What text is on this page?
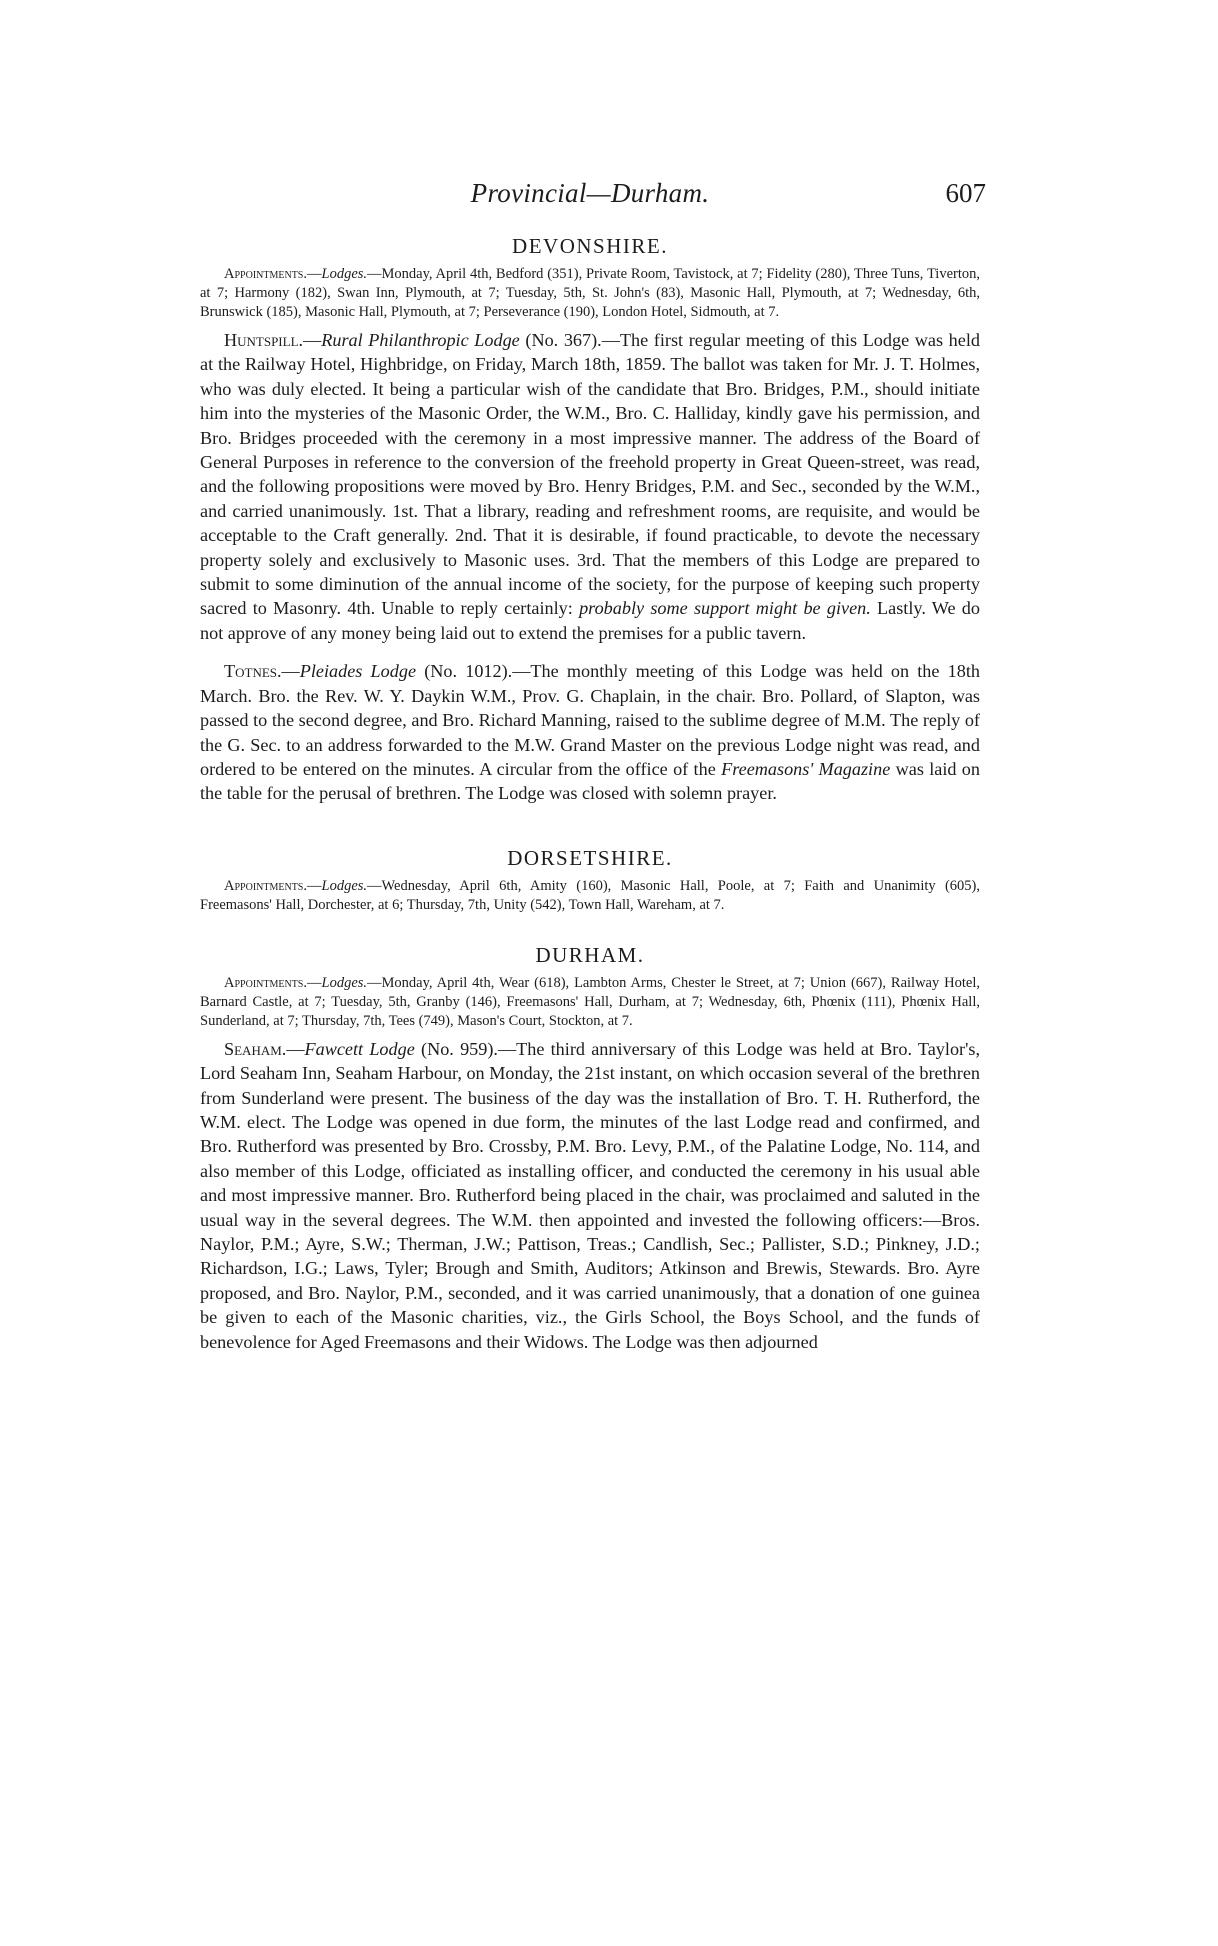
Provincial—Durham.	607
DEVONSHIRE.

Appointments.—Lodges.—Monday, April 4th, Bedford (351), Private Room, Tavistock, at 7; Fidelity (280), Three Tuns, Tiverton, at 7; Harmony (182), Swan Inn, Plymouth, at 7; Tuesday, 5th, St. John's (83), Masonic Hall, Plymouth, at 7; Wednesday, 6th, Brunswick (185), Masonic Hall, Plymouth, at 7; Perseverance (190), London Hotel, Sidmouth, at 7.

Huntspill.—Rural Philanthropic Lodge (No. 367).—The first regular meeting of this Lodge was held at the Railway Hotel, Highbridge, on Friday, March 18th, 1859. The ballot was taken for Mr. J. T. Holmes, who was duly elected. It being a particular wish of the candidate that Bro. Bridges, P.M., should initiate him into the mysteries of the Masonic Order, the W.M., Bro. C. Halliday, kindly gave his permission, and Bro. Bridges proceeded with the ceremony in a most impressive manner. The address of the Board of General Purposes in reference to the conversion of the freehold property in Great Queen-street, was read, and the following propositions were moved by Bro. Henry Bridges, P.M. and Sec., seconded by the W.M., and carried unanimously. 1st. That a library, reading and refreshment rooms, are requisite, and would be acceptable to the Craft generally. 2nd. That it is desirable, if found practicable, to devote the necessary property solely and exclusively to Masonic uses. 3rd. That the members of this Lodge are prepared to submit to some diminution of the annual income of the society, for the purpose of keeping such property sacred to Masonry. 4th. Unable to reply certainly: probably some support might be given. Lastly. We do not approve of any money being laid out to extend the premises for a public tavern.

Totnes.—Pleiades Lodge (No. 1012).—The monthly meeting of this Lodge was held on the 18th March. Bro. the Rev. W. Y. Daykin W.M., Prov. G. Chaplain, in the chair. Bro. Pollard, of Slapton, was passed to the second degree, and Bro. Richard Manning, raised to the sublime degree of M.M. The reply of the G. Sec. to an address forwarded to the M.W. Grand Master on the previous Lodge night was read, and ordered to be entered on the minutes. A circular from the office of the Freemasons' Magazine was laid on the table for the perusal of brethren. The Lodge was closed with solemn prayer.

DORSETSHIRE.

Appointments.—Lodges.—Wednesday, April 6th, Amity (160), Masonic Hall, Poole, at 7; Faith and Unanimity (605), Freemasons' Hall, Dorchester, at 6; Thursday, 7th, Unity (542), Town Hall, Wareham, at 7.

DURHAM.

Appointments.—Lodges.—Monday, April 4th, Wear (618), Lambton Arms, Chester le Street, at 7; Union (667), Railway Hotel, Barnard Castle, at 7; Tuesday, 5th, Granby (146), Freemasons' Hall, Durham, at 7; Wednesday, 6th, Phœnix (111), Phœnix Hall, Sunderland, at 7; Thursday, 7th, Tees (749), Mason's Court, Stockton, at 7.

Seaham.—Fawcett Lodge (No. 959).—The third anniversary of this Lodge was held at Bro. Taylor's, Lord Seaham Inn, Seaham Harbour, on Monday, the 21st instant, on which occasion several of the brethren from Sunderland were present. The business of the day was the installation of Bro. T. H. Rutherford, the W.M. elect. The Lodge was opened in due form, the minutes of the last Lodge read and confirmed, and Bro. Rutherford was presented by Bro. Crossby, P.M. Bro. Levy, P.M., of the Palatine Lodge, No. 114, and also member of this Lodge, officiated as installing officer, and conducted the ceremony in his usual able and most impressive manner. Bro. Rutherford being placed in the chair, was proclaimed and saluted in the usual way in the several degrees. The W.M. then appointed and invested the following officers:—Bros. Naylor, P.M.; Ayre, S.W.; Therman, J.W.; Pattison, Treas.; Candlish, Sec.; Pallister, S.D.; Pinkney, J.D.; Richardson, I.G.; Laws, Tyler; Brough and Smith, Auditors; Atkinson and Brewis, Stewards. Bro. Ayre proposed, and Bro. Naylor, P.M., seconded, and it was carried unanimously, that a donation of one guinea be given to each of the Masonic charities, viz., the Girls School, the Boys School, and the funds of benevolence for Aged Freemasons and their Widows. The Lodge was then adjourned
